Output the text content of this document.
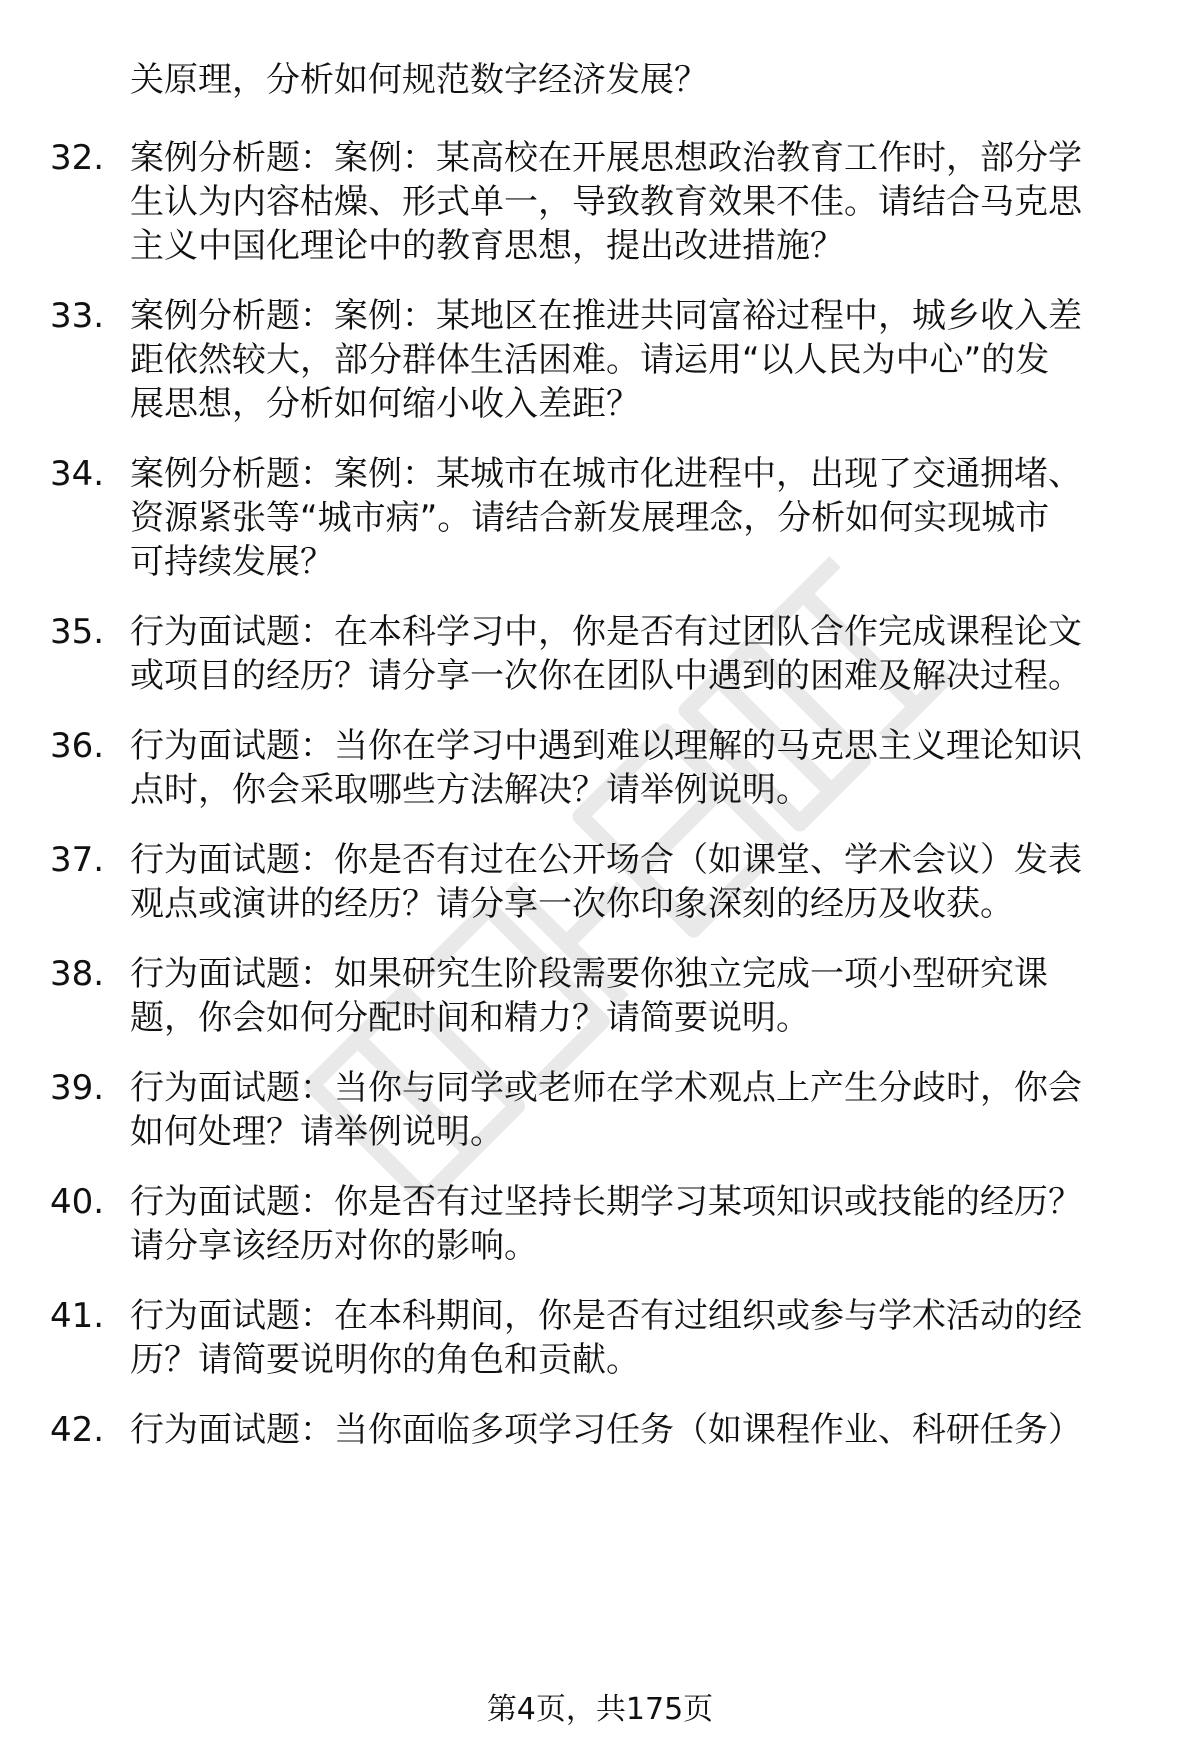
关原理，分析如何规范数字经济发展？
32. 案例分析题：案例：某高校在开展思想政治教育工作时，部分学
生认为内容枯燥、形式单一，导致教育效果不佳。请结合马克思
主义中国化理论中的教育思想，提出改进措施？
33. 案例分析题：案例：某地区在推进共同富裕过程中，城乡收入差
距依然较大，部分群体生活困难。请运用“以人民为中心”的发
展思想，分析如何缩小收入差距？
34. 案例分析题：案例：某城市在城市化进程中，出现了交通拥堵、
资源紧张等“城市病”。请结合新发展理念，分析如何实现城市
可持续发展？
35. 行为面试题：在本科学习中，你是否有过团队合作完成课程论文
或项目的经历？请分享一次你在团队中遇到的困难及解决过程。
36. 行为面试题：当你在学习中遇到难以理解的马克思主义理论知识
点时，你会采取哪些方法解决？请举例说明。
37. 行为面试题：你是否有过在公开场合（如课堂、学术会议）发表
观点或演讲的经历？请分享一次你印象深刻的经历及收获。
38. 行为面试题：如果研究生阶段需要你独立完成一项小型研究课
题，你会如何分配时间和精力？请简要说明。
39. 行为面试题：当你与同学或老师在学术观点上产生分歧时，你会
如何处理？请举例说明。
40. 行为面试题：你是否有过坚持长期学习某项知识或技能的经历？
请分享该经历对你的影响。
41. 行为面试题：在本科期间，你是否有过组织或参与学术活动的经
历？请简要说明你的角色和贡献。
42. 行为面试题：当你面临多项学习任务（如课程作业、科研任务）
第4页，共175页
